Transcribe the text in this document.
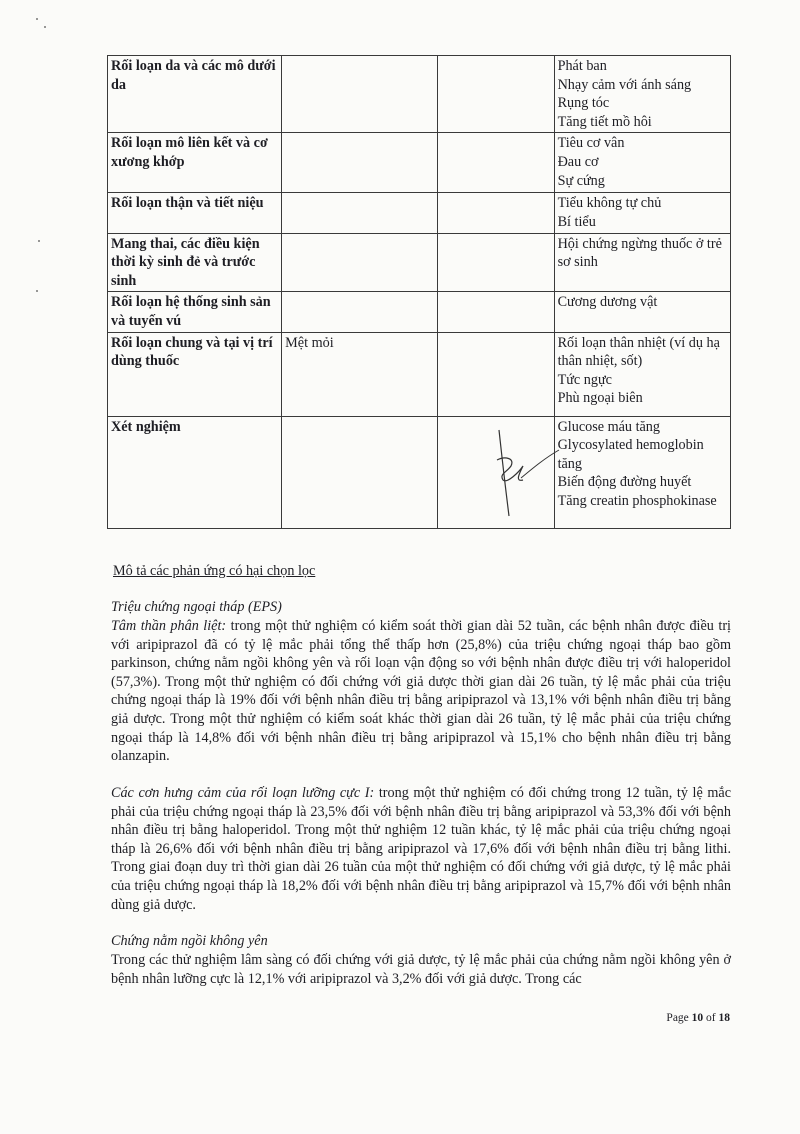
Rối loạn da và các mô dưới da			Phát ban
Nhạy cảm với ánh sáng
Rụng tóc
Tăng tiết mồ hôi

Rối loạn mô liên kết và cơ xương khớp			Tiêu cơ vân
Đau cơ
Sự cứng

Rối loạn thận và tiết niệu			Tiểu không tự chủ
Bí tiểu

Mang thai, các điều kiện thời kỳ sinh đẻ và trước sinh			Hội chứng ngừng thuốc ở trẻ sơ sinh

Rối loạn hệ thống sinh sản và tuyến vú			Cương dương vật

Rối loạn chung và tại vị trí dùng thuốc	Mệt mỏi		Rối loạn thân nhiệt (ví dụ hạ thân nhiệt, sốt)
Tức ngực
Phù ngoại biên

Xét nghiệm			Glucose máu tăng
Glycosylated hemoglobin tăng
Biến động đường huyết
Tăng creatin phosphokinase
Mô tả các phản ứng có hại chọn lọc
Triệu chứng ngoại tháp (EPS)
Tâm thần phân liệt: trong một thử nghiệm có kiểm soát thời gian dài 52 tuần, các bệnh nhân được điều trị với aripiprazol đã có tỷ lệ mắc phải tổng thể thấp hơn (25,8%) của triệu chứng ngoại tháp bao gồm parkinson, chứng nằm ngồi không yên và rối loạn vận động so với bệnh nhân được điều trị với haloperidol (57,3%). Trong một thử nghiệm có đối chứng với giả dược thời gian dài 26 tuần, tỷ lệ mắc phải của triệu chứng ngoại tháp là 19% đối với bệnh nhân điều trị bằng aripiprazol và 13,1% với bệnh nhân điều trị bằng giả dược. Trong một thử nghiệm có kiểm soát khác thời gian dài 26 tuần, tỷ lệ mắc phải của triệu chứng ngoại tháp là 14,8% đối với bệnh nhân điều trị bằng aripiprazol và 15,1% cho bệnh nhân điều trị bằng olanzapin.
Các cơn hưng cảm của rối loạn lưỡng cực I: trong một thử nghiệm có đối chứng trong 12 tuần, tỷ lệ mắc phải của triệu chứng ngoại tháp là 23,5% đối với bệnh nhân điều trị bằng aripiprazol và 53,3% đối với bệnh nhân điều trị bằng haloperidol. Trong một thử nghiệm 12 tuần khác, tỷ lệ mắc phải của triệu chứng ngoại tháp là 26,6% đối với bệnh nhân điều trị bằng aripiprazol và 17,6% đối với bệnh nhân điều trị bằng lithi. Trong giai đoạn duy trì thời gian dài 26 tuần của một thử nghiệm có đối chứng với giả dược, tỷ lệ mắc phải của triệu chứng ngoại tháp là 18,2% đối với bệnh nhân điều trị bằng aripiprazol và 15,7% đối với bệnh nhân dùng giả dược.
Chứng nằm ngồi không yên
Trong các thử nghiệm lâm sàng có đối chứng với giả dược, tỷ lệ mắc phải của chứng nằm ngồi không yên ở bệnh nhân lưỡng cực là 12,1% với aripiprazol và 3,2% đối với giả dược. Trong các
Page 10 of 18
